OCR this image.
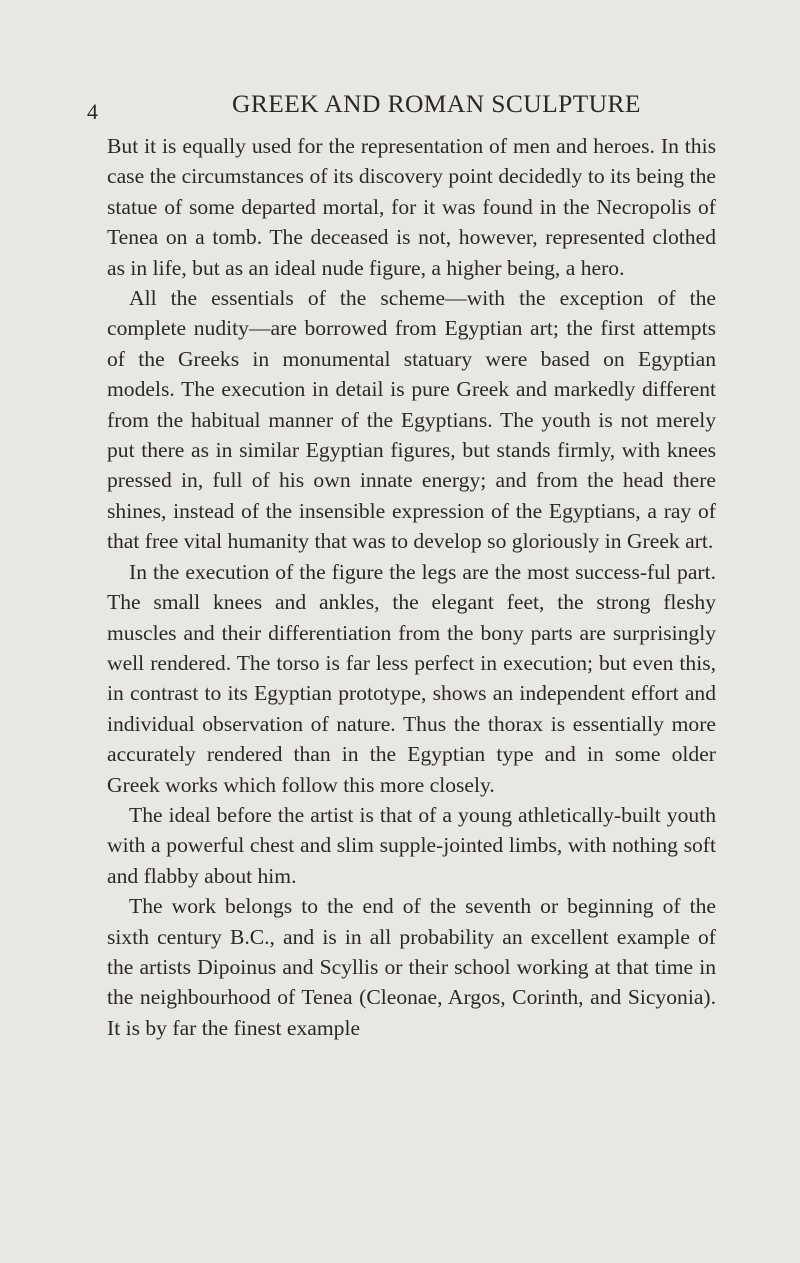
4	GREEK AND ROMAN SCULPTURE

But it is equally used for the representation of men and heroes. In this case the circumstances of its discovery point decidedly to its being the statue of some departed mortal, for it was found in the Necropolis of Tenea on a tomb. The deceased is not, however, represented clothed as in life, but as an ideal nude figure, a higher being, a hero.

All the essentials of the scheme—with the exception of the complete nudity—are borrowed from Egyptian art; the first attempts of the Greeks in monumental statuary were based on Egyptian models. The execution in detail is pure Greek and markedly different from the habitual manner of the Egyptians. The youth is not merely put there as in similar Egyptian figures, but stands firmly, with knees pressed in, full of his own innate energy; and from the head there shines, instead of the insensible expression of the Egyptians, a ray of that free vital humanity that was to develop so gloriously in Greek art.

In the execution of the figure the legs are the most success-ful part. The small knees and ankles, the elegant feet, the strong fleshy muscles and their differentiation from the bony parts are surprisingly well rendered. The torso is far less perfect in execution; but even this, in contrast to its Egyptian prototype, shows an independent effort and individual observation of nature. Thus the thorax is essentially more accurately rendered than in the Egyptian type and in some older Greek works which follow this more closely.

The ideal before the artist is that of a young athletically-built youth with a powerful chest and slim supple-jointed limbs, with nothing soft and flabby about him.

The work belongs to the end of the seventh or beginning of the sixth century B.C., and is in all probability an excellent example of the artists Dipoinus and Scyllis or their school working at that time in the neighbourhood of Tenea (Cleonae, Argos, Corinth, and Sicyonia). It is by far the finest example
